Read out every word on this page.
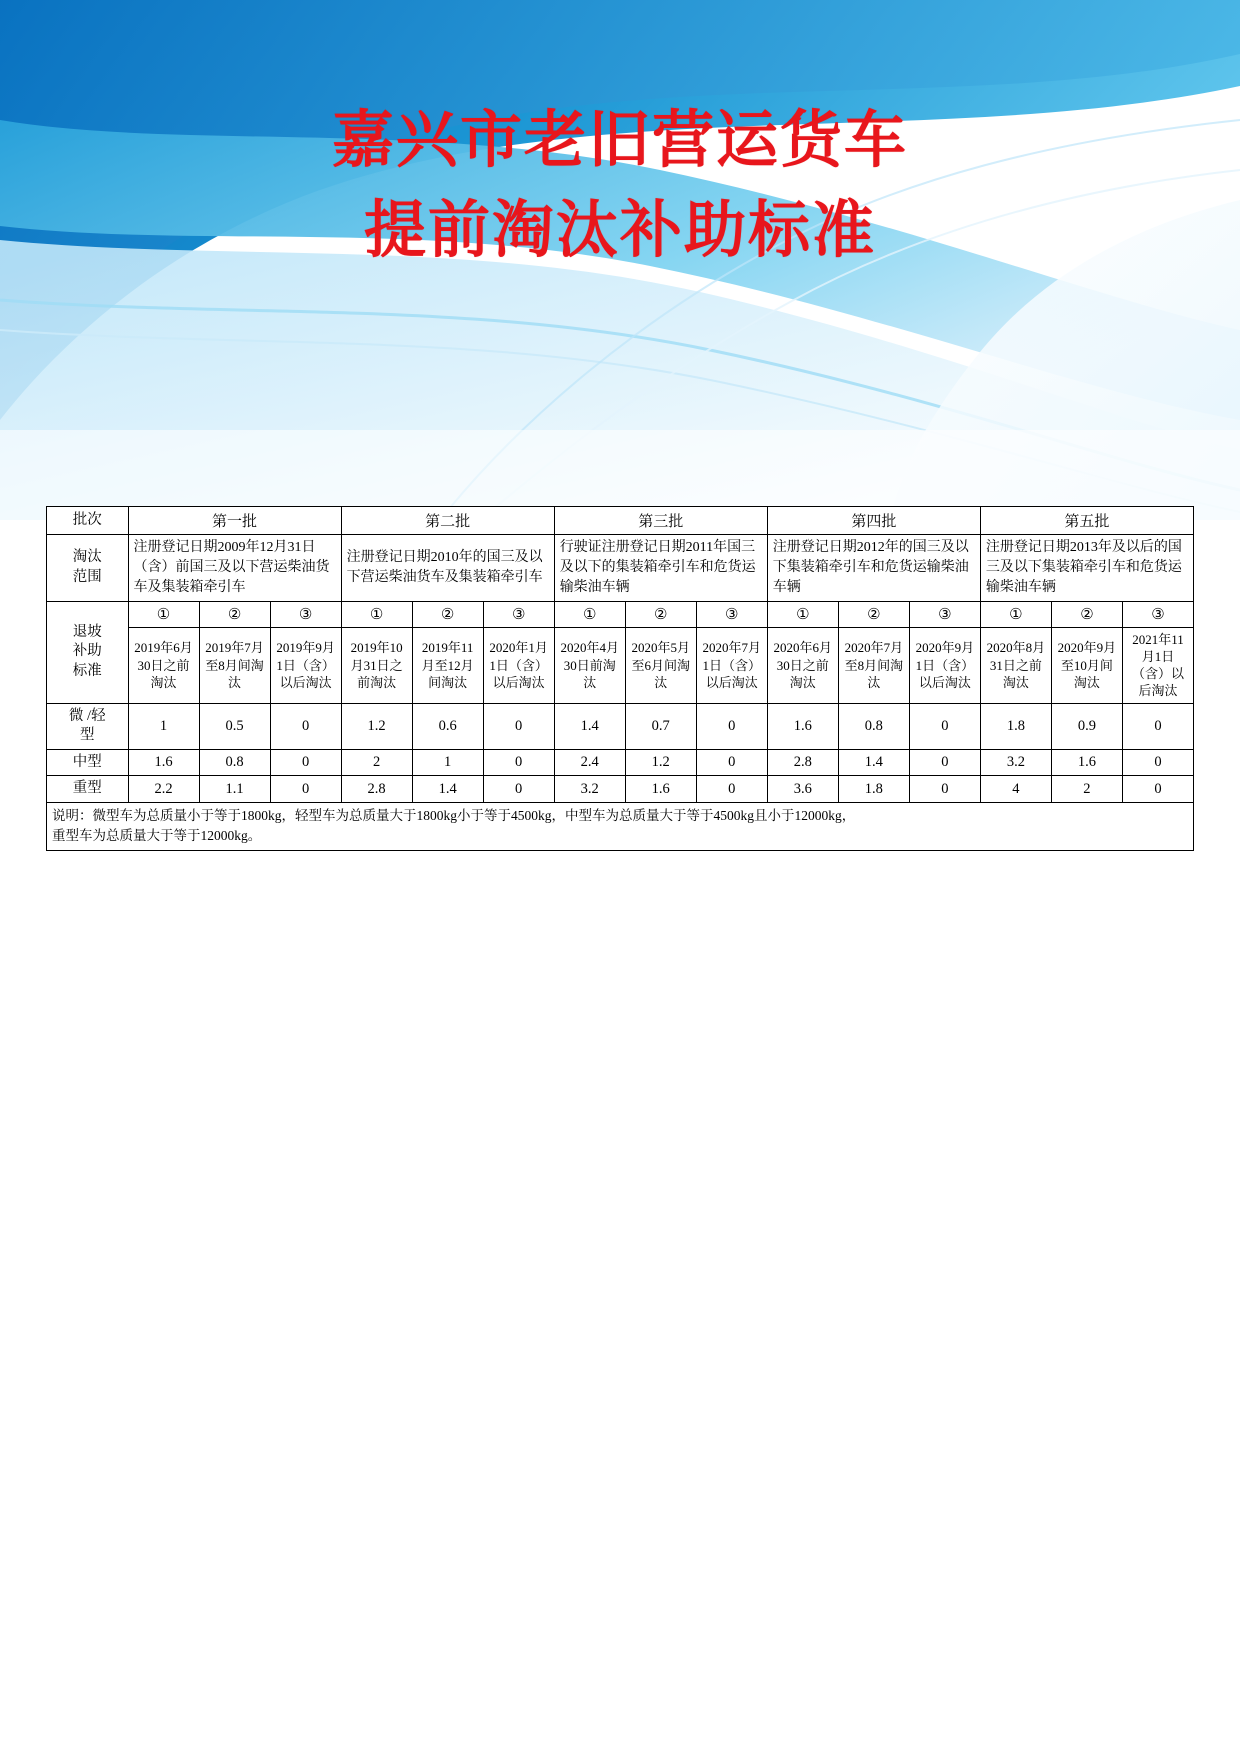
嘉兴市老旧营运货车
提前淘汰补助标准
批次	第一批			第二批			第三批			第四批			第五批		
淘汰
范围	注册登记日期2009年12月31日（含）前国三及以下营运柴油货车及集装箱牵引车			注册登记日期2010年的国三及以下营运柴油货车及集装箱牵引车			行驶证注册登记日期2011年国三及以下的集装箱牵引车和危货运输柴油车辆			注册登记日期2012年的国三及以下集装箱牵引车和危货运输柴油车辆			注册登记日期2013年及以后的国三及以下集装箱牵引车和危货运输柴油车辆		
退坡
补助
标准	①	②	③	①	②	③	①	②	③	①	②	③	①	②	③
	2019年6月30日之前淘汰	2019年7月至8月间淘汰	2019年9月1日（含）以后淘汰	2019年10月31日之前淘汰	2019年11月至12月间淘汰	2020年1月1日（含）以后淘汰	2020年4月30日前淘汰	2020年5月至6月间淘汰	2020年7月1日（含）以后淘汰	2020年6月30日之前淘汰	2020年7月至8月间淘汰	2020年9月1日（含）以后淘汰	2020年8月31日之前淘汰	2020年9月至10月间淘汰	2021年11月1日（含）以后淘汰
微 /轻
型	1	0.5	0	1.2	0.6	0	1.4	0.7	0	1.6	0.8	0	1.8	0.9	0
中型	1.6	0.8	0	2	1	0	2.4	1.2	0	2.8	1.4	0	3.2	1.6	0
重型	2.2	1.1	0	2.8	1.4	0	3.2	1.6	0	3.6	1.8	0	4	2	0

说明：微型车为总质量小于等于1800kg，轻型车为总质量大于1800kg小于等于4500kg，中型车为总质量大于等于4500kg且小于12000kg，
重型车为总质量大于等于12000kg。															
